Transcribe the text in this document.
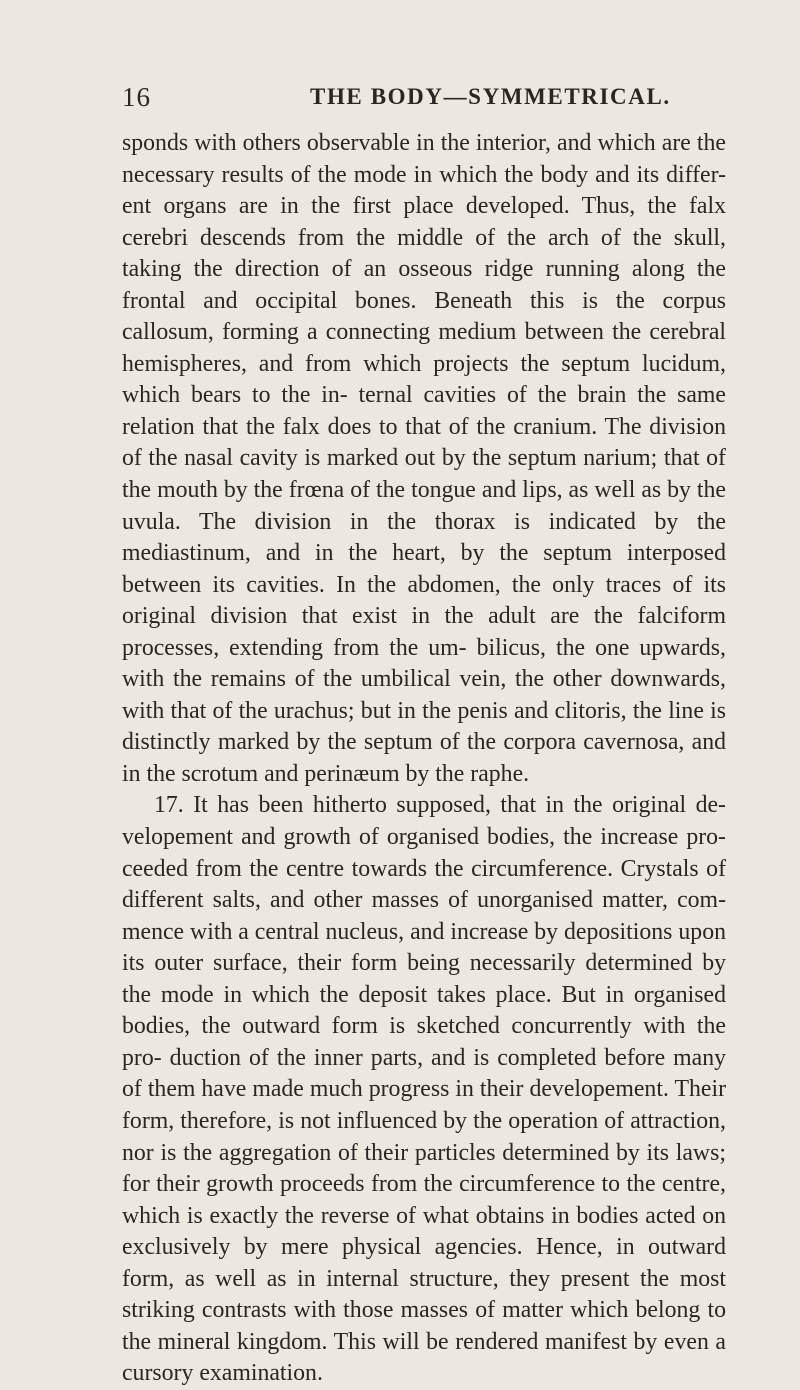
16	THE BODY—SYMMETRICAL.

sponds with others observable in the interior, and which are the necessary results of the mode in which the body and its differ- ent organs are in the first place developed. Thus, the falx cerebri descends from the middle of the arch of the skull, taking the direction of an osseous ridge running along the frontal and occipital bones. Beneath this is the corpus callosum, forming a connecting medium between the cerebral hemispheres, and from which projects the septum lucidum, which bears to the in- ternal cavities of the brain the same relation that the falx does to that of the cranium. The division of the nasal cavity is marked out by the septum narium; that of the mouth by the frœna of the tongue and lips, as well as by the uvula. The division in the thorax is indicated by the mediastinum, and in the heart, by the septum interposed between its cavities. In the abdomen, the only traces of its original division that exist in the adult are the falciform processes, extending from the um- bilicus, the one upwards, with the remains of the umbilical vein, the other downwards, with that of the urachus; but in the penis and clitoris, the line is distinctly marked by the septum of the corpora cavernosa, and in the scrotum and perinæum by the raphe.

17. It has been hitherto supposed, that in the original de- velopement and growth of organised bodies, the increase pro- ceeded from the centre towards the circumference. Crystals of different salts, and other masses of unorganised matter, com- mence with a central nucleus, and increase by depositions upon its outer surface, their form being necessarily determined by the mode in which the deposit takes place. But in organised bodies, the outward form is sketched concurrently with the pro- duction of the inner parts, and is completed before many of them have made much progress in their developement. Their form, therefore, is not influenced by the operation of attraction, nor is the aggregation of their particles determined by its laws; for their growth proceeds from the circumference to the centre, which is exactly the reverse of what obtains in bodies acted on exclusively by mere physical agencies. Hence, in outward form, as well as in internal structure, they present the most striking contrasts with those masses of matter which belong to the mineral kingdom. This will be rendered manifest by even a cursory examination.
